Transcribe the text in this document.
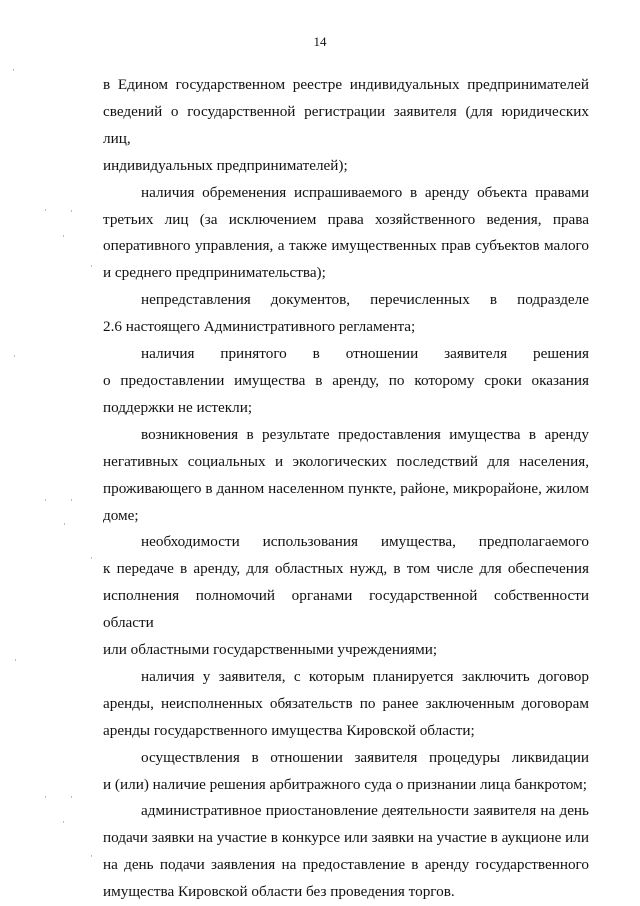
14

в Едином государственном реестре индивидуальных предпринимателей
сведений о государственной регистрации заявителя (для юридических лиц,
индивидуальных предпринимателей);

наличия обременения испрашиваемого в аренду объекта правами
третьих лиц (за исключением права хозяйственного ведения, права
оперативного управления, а также имущественных прав субъектов малого
и среднего предпринимательства);

непредставления документов, перечисленных в подразделе
2.6 настоящего Административного регламента;

наличия принятого в отношении заявителя решения
о предоставлении имущества в аренду, по которому сроки оказания
поддержки не истекли;

возникновения в результате предоставления имущества в аренду
негативных социальных и экологических последствий для населения,
проживающего в данном населенном пункте, районе, микрорайоне, жилом
доме;

необходимости использования имущества, предполагаемого
к передаче в аренду, для областных нужд, в том числе для обеспечения
исполнения полномочий органами государственной собственности области
или областными государственными учреждениями;

наличия у заявителя, с которым планируется заключить договор
аренды, неисполненных обязательств по ранее заключенным договорам
аренды государственного имущества Кировской области;

осуществления в отношении заявителя процедуры ликвидации
и (или) наличие решения арбитражного суда о признании лица банкротом;

административное приостановление деятельности заявителя на день
подачи заявки на участие в конкурсе или заявки на участие в аукционе или
на день подачи заявления на предоставление в аренду государственного
имущества Кировской области без проведения торгов.

·
·	·
·
·
·
·	·
·
·
·
·	·
·
·
